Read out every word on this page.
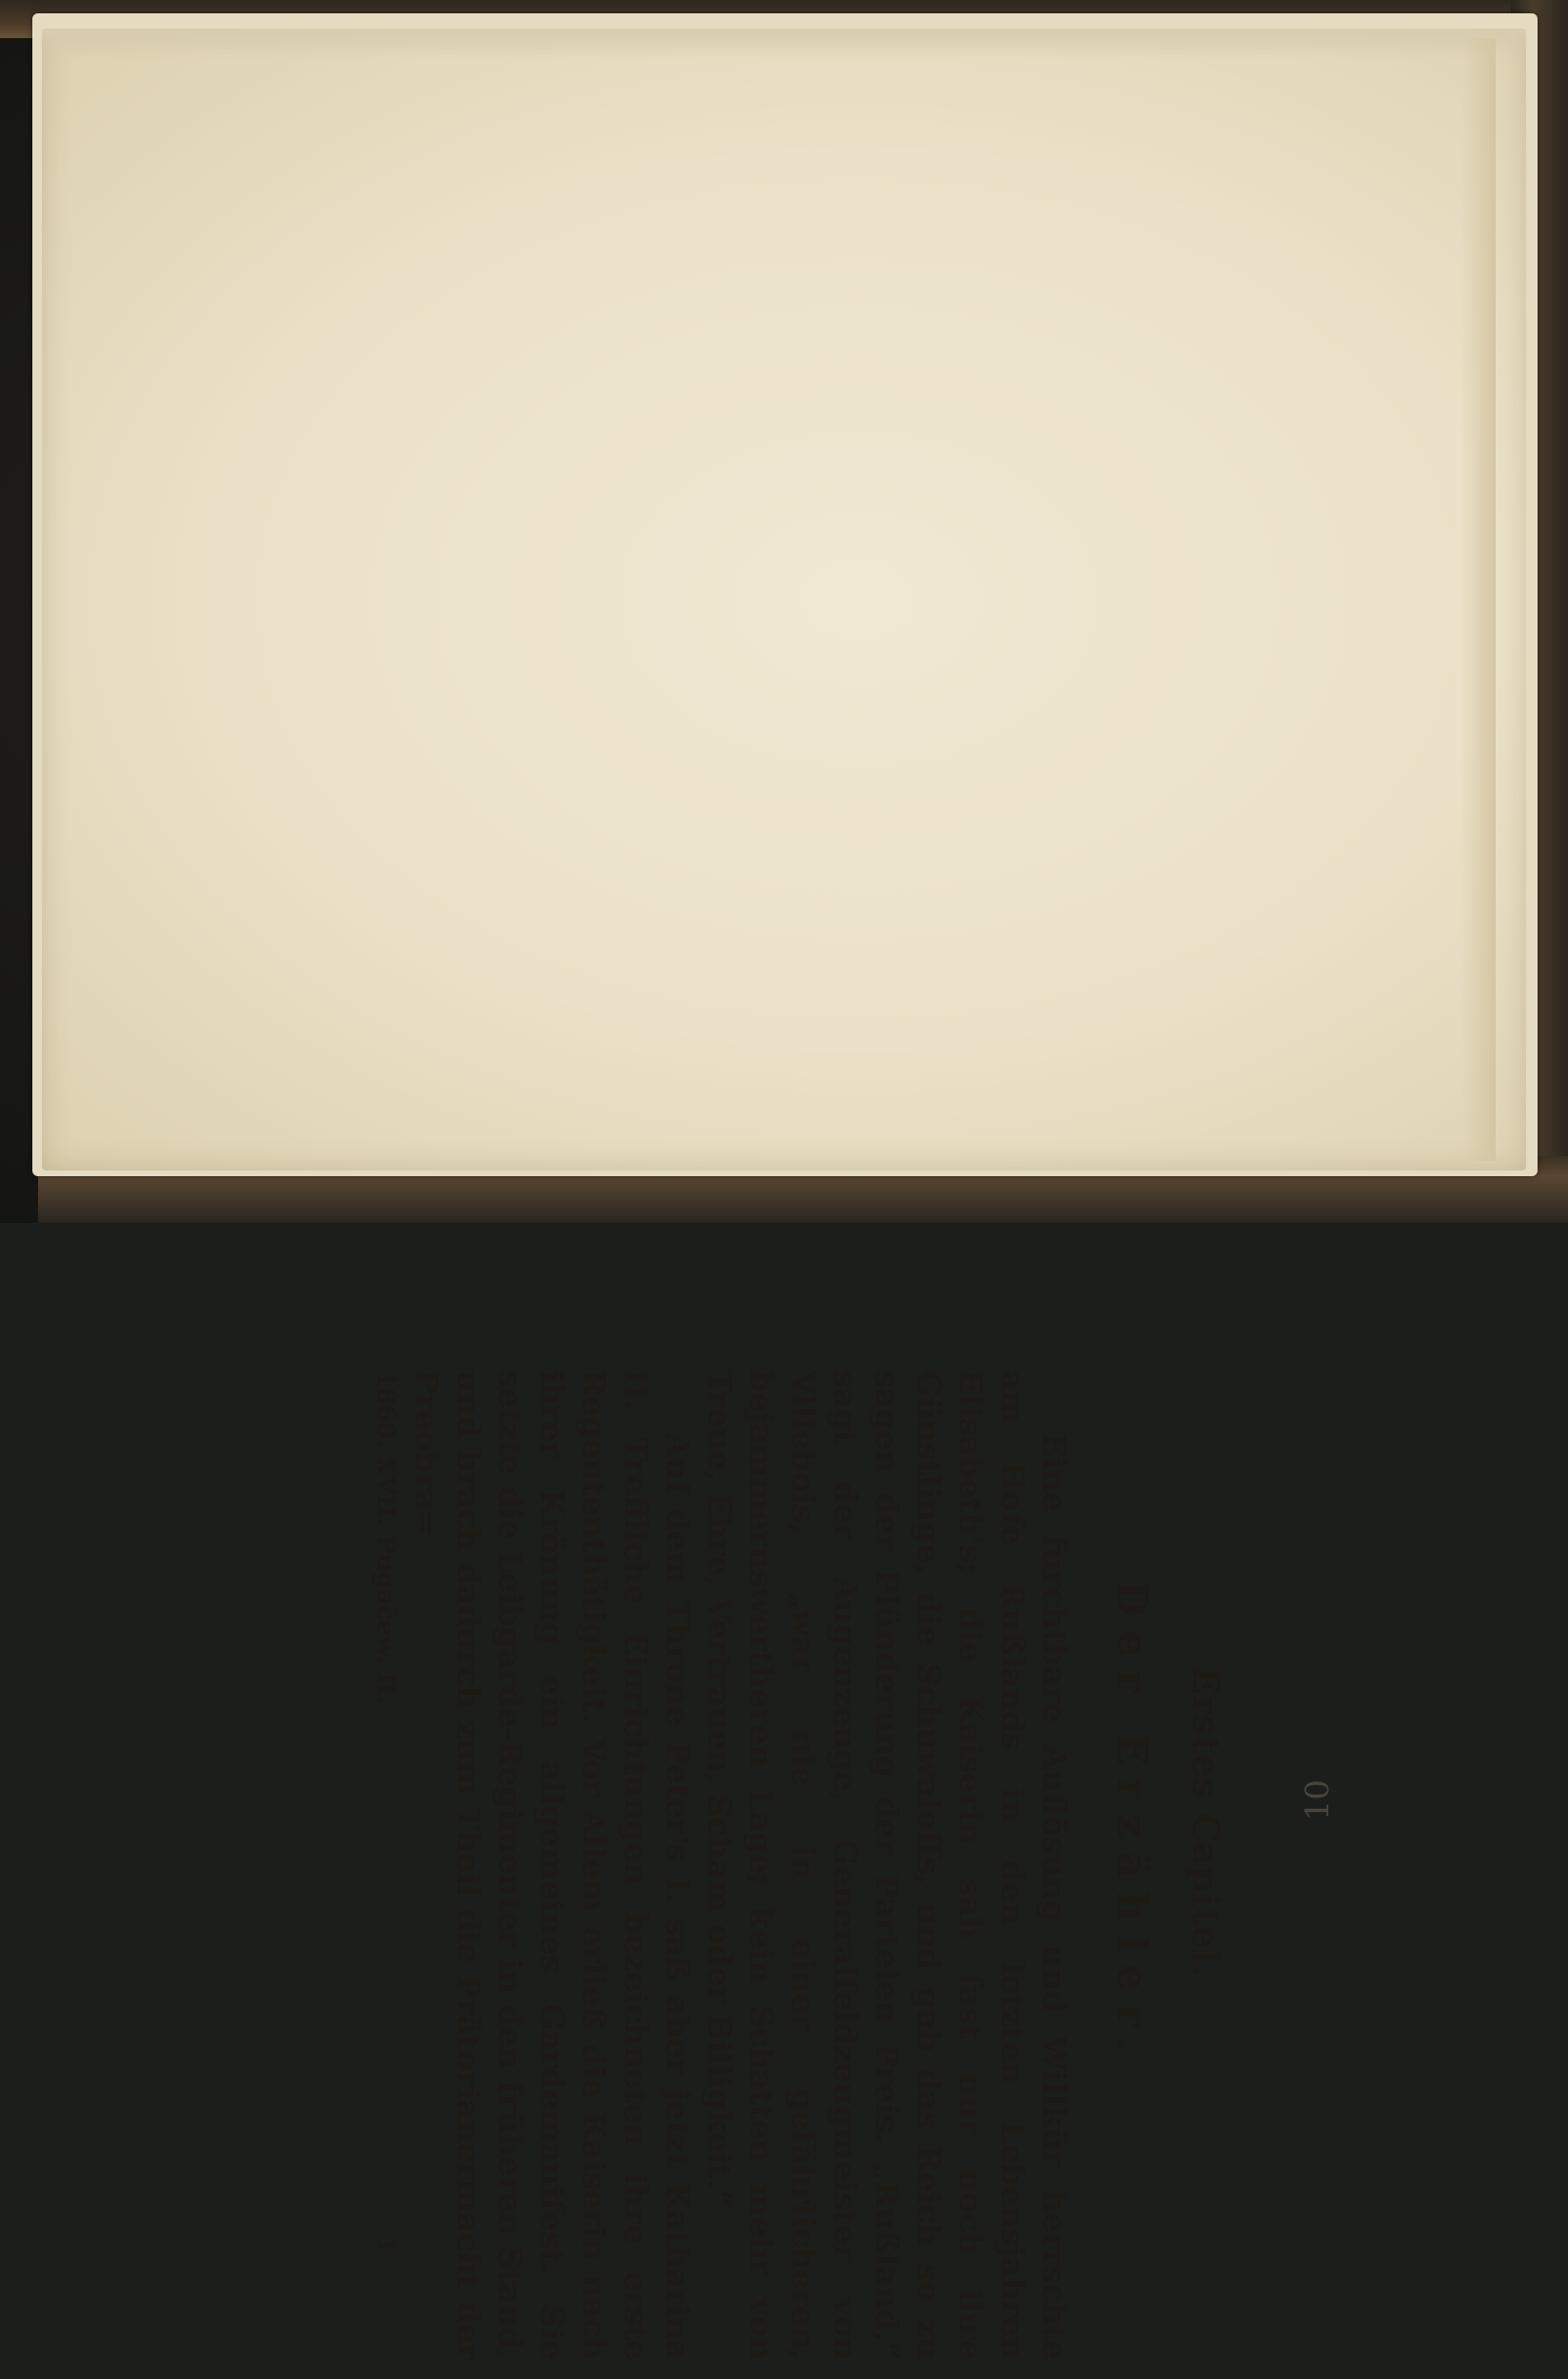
10
Erstes Capitel.
Der Erzähler.

Eine furchtbare Auflösung und Willkür herrschte am Hofe Rußlands in den letzten Lebensjahren Elisabeth's; die Kaiserin sah fast nur noch ihre Günstlinge, die Schuwaloffs, und gab das Reich so zu sagen der Plünderung der Parteien Preis. „Rußland,“ sagt der Augenzeuge, Generalfeldzeugmeister von Villebois, „war nie in einer gefährlicheren, bejammernswertheren Lage; kein Schatten mehr von Treue, Ehre, Vertrauen, Scham oder Billigkeit.“

Auf dem Throne Peter's I. saß aber jetzt Katharina II. Treffliche Einrichtungen bezeichneten ihre erste Regententhätigkeit. Vor Allem erließ die Kaiserin nach ihrer Krönung ein allgemeines Gardemanifest. Sie setzte die Leibgarde-Regimenter in den früheren Stand, und brach dadurch zum Theil die Prätorianermacht der Preobra=

1860. XVII. Pugačew. II.
1
